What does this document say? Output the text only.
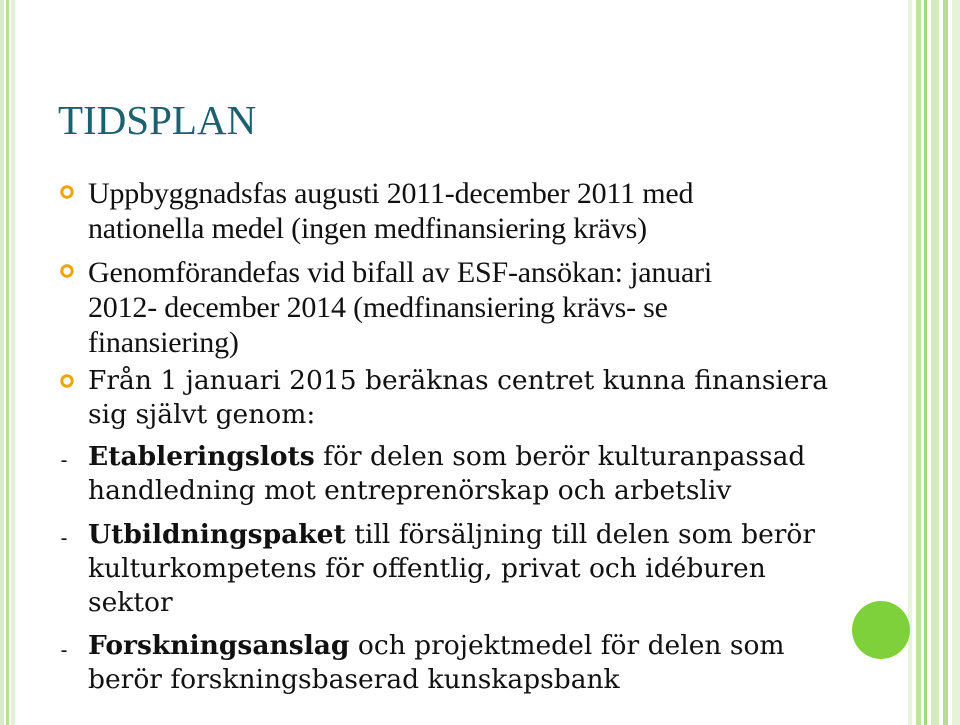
TIDSPLAN
Uppbyggnadsfas augusti 2011-december 2011 med
nationella medel (ingen medfinansiering krävs)
Genomförandefas vid bifall av ESF-ansökan: januari
2012- december 2014 (medfinansiering krävs- se
finansiering)
Från 1 januari 2015 beräknas centret kunna finansiera
sig självt genom:
- Etableringslots för delen som berör kulturanpassad
handledning mot entreprenörskap och arbetsliv
- Utbildningspaket till försäljning till delen som berör
kulturkompetens för offentlig, privat och idéburen
sektor
- Forskningsanslag och projektmedel för delen som
berör forskningsbaserad kunskapsbank
